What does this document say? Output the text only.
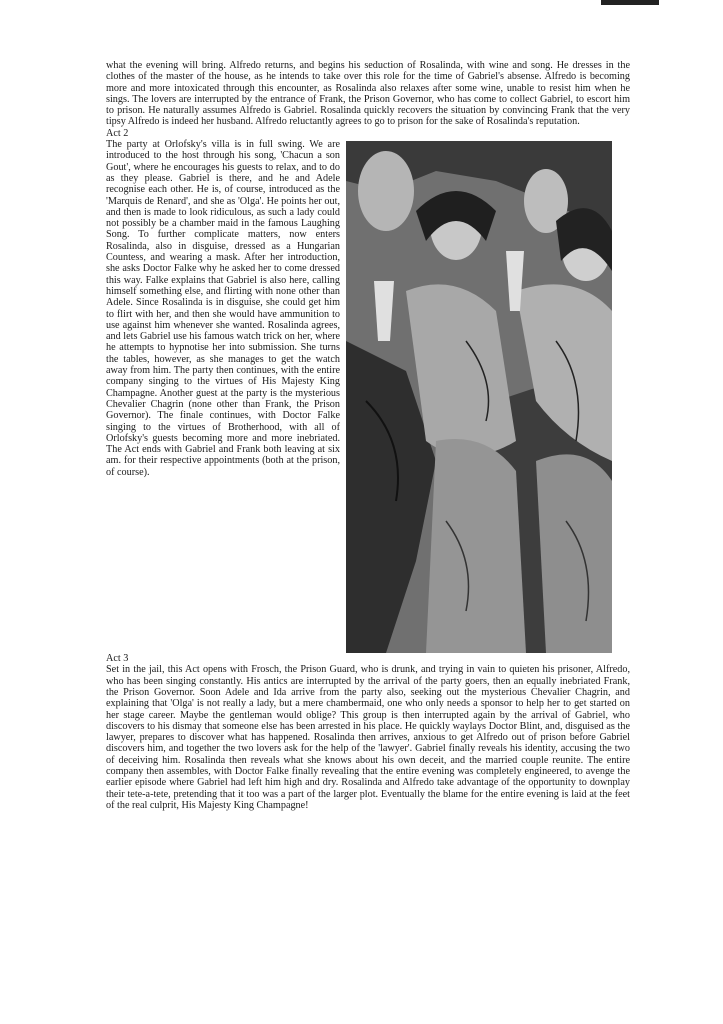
what the evening will bring. Alfredo returns, and begins his seduction of Rosalinda, with wine and song. He dresses in the clothes of the master of the house, as he intends to take over this role for the time of Gabriel's absense. Alfredo is becoming more and more intoxicated through this encounter, as Rosalinda also relaxes after some wine, unable to resist him when he sings. The lovers are interrupted by the entrance of Frank, the Prison Governor, who has come to collect Gabriel, to escort him to prison. He naturally assumes Alfredo is Gabriel. Rosalinda quickly recovers the situation by convincing Frank that the very tipsy Alfredo is indeed her husband. Alfredo reluctantly agrees to go to prison for the sake of Rosalinda's reputation.

Act 2

The party at Orlofsky's villa is in full swing. We are introduced to the host through his song, 'Chacun a son Gout', where he encourages his guests to relax, and to do as they please. Gabriel is there, and he and Adele recognise each other. He is, of course, introduced as the 'Marquis de Renard', and she as 'Olga'. He points her out, and then is made to look ridiculous, as such a lady could not possibly be a chamber maid in the famous Laughing Song. To further complicate matters, now enters Rosalinda, also in disguise, dressed as a Hungarian Countess, and wearing a mask. After her introduction, she asks Doctor Falke why he asked her to come dressed this way. Falke explains that Gabriel is also here, calling himself something else, and flirting with none other than Adele. Since Rosalinda is in disguise, she could get him to flirt with her, and then she would have ammunition to use against him whenever she wanted. Rosalinda agrees, and lets Gabriel use his famous watch trick on her, where he attempts to hypnotise her into submission. She turns the tables, however, as she manages to get the watch away from him. The party then continues, with the entire company singing to the virtues of His Majesty King Champagne. Another guest at the party is the mysterious Chevalier Chagrin (none other than Frank, the Prison Governor). The finale continues, with Doctor Falke singing to the virtues of Brotherhood, with all of Orlofsky's guests becoming more and more inebriated. The Act ends with Gabriel and Frank both leaving at six am. for their respective appointments (both at the prison, of course).

Act 3

Set in the jail, this Act opens with Frosch, the Prison Guard, who is drunk, and trying in vain to quieten his prisoner, Alfredo, who has been singing constantly. His antics are interrupted by the arrival of the party goers, then an equally inebriated Frank, the Prison Governor. Soon Adele and Ida arrive from the party also, seeking out the mysterious Chevalier Chagrin, and explaining that 'Olga' is not really a lady, but a mere chambermaid, one who only needs a sponsor to help her to get started on her stage career. Maybe the gentleman would oblige? This group is then interrupted again by the arrival of Gabriel, who discovers to his dismay that someone else has been arrested in his place. He quickly waylays Doctor Blint, and, disguised as the lawyer, prepares to discover what has happened. Rosalinda then arrives, anxious to get Alfredo out of prison before Gabriel discovers him, and together the two lovers ask for the help of the 'lawyer'. Gabriel finally reveals his identity, accusing the two of deceiving him. Rosalinda then reveals what she knows about his own deceit, and the married couple reunite. The entire company then assembles, with Doctor Falke finally revealing that the entire evening was completely engineered, to avenge the earlier episode where Gabriel had left him high and dry. Rosalinda and Alfredo take advantage of the opportunity to downplay their tete-a-tete, pretending that it too was a part of the larger plot. Eventually the blame for the entire evening is laid at the feet of the real culprit, His Majesty King Champagne!
